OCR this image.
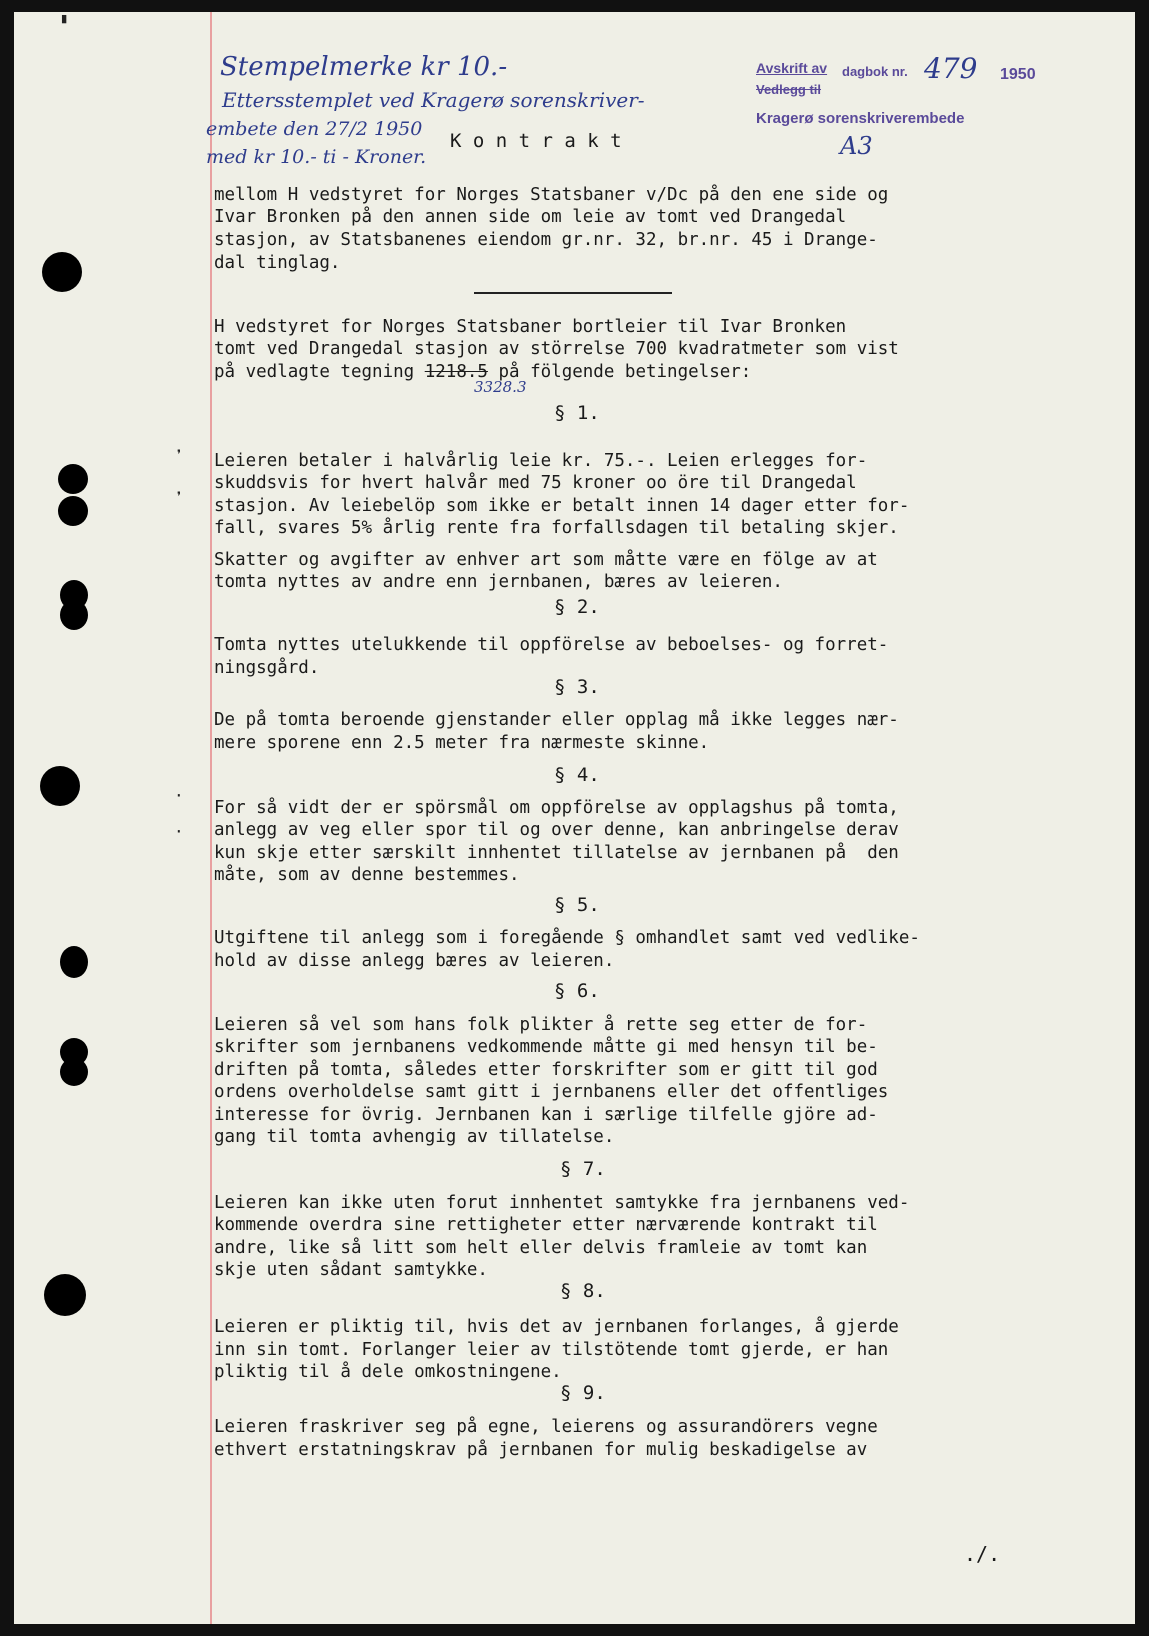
❜
❜
·
·
▘
Stempelmerke kr 10.-
Ettersstemplet ved Kragerø sorenskriver-
embete den 27/2 1950
med kr 10.- ti - Kroner.
Avskrift av dagbok nr. 479 1950
Vedlegg til
Kragerø sorenskriverembede
A3
K o n t r a k t
mellom H vedstyret for Norges Statsbaner v/Dc på den ene side og
Ivar Bronken på den annen side om leie av tomt ved Drangedal
stasjon, av Statsbanenes eiendom gr.nr. 32, br.nr. 45 i Drange-
dal tinglag.
H vedstyret for Norges Statsbaner bortleier til Ivar Bronken
tomt ved Drangedal stasjon av störrelse 700 kvadratmeter som vist
på vedlagte tegning 1218.5 på fölgende betingelser:
3328.3
§ 1.
Leieren betaler i halvårlig leie kr. 75.-. Leien erlegges for-
skuddsvis for hvert halvår med 75 kroner oo öre til Drangedal
stasjon. Av leiebelöp som ikke er betalt innen 14 dager etter for-
fall, svares 5% årlig rente fra forfallsdagen til betaling skjer.
Skatter og avgifter av enhver art som måtte være en fölge av at
tomta nyttes av andre enn jernbanen, bæres av leieren.
§ 2.
Tomta nyttes utelukkende til oppförelse av beboelses- og forret-
ningsgård.
§ 3.
De på tomta beroende gjenstander eller opplag må ikke legges nær-
mere sporene enn 2.5 meter fra nærmeste skinne.
§ 4.
For så vidt der er spörsmål om oppförelse av opplagshus på tomta,
anlegg av veg eller spor til og over denne, kan anbringelse derav
kun skje etter særskilt innhentet tillatelse av jernbanen på  den
måte, som av denne bestemmes.
§ 5.
Utgiftene til anlegg som i foregående § omhandlet samt ved vedlike-
hold av disse anlegg bæres av leieren.
§ 6.
Leieren så vel som hans folk plikter å rette seg etter de for-
skrifter som jernbanens vedkommende måtte gi med hensyn til be-
driften på tomta, således etter forskrifter som er gitt til god
ordens overholdelse samt gitt i jernbanens eller det offentliges
interesse for övrig. Jernbanen kan i særlige tilfelle gjöre ad-
gang til tomta avhengig av tillatelse.
§ 7.
Leieren kan ikke uten forut innhentet samtykke fra jernbanens ved-
kommende overdra sine rettigheter etter nærværende kontrakt til
andre, like så litt som helt eller delvis framleie av tomt kan
skje uten sådant samtykke.
§ 8.
Leieren er pliktig til, hvis det av jernbanen forlanges, å gjerde
inn sin tomt. Forlanger leier av tilstötende tomt gjerde, er han
pliktig til å dele omkostningene.
§ 9.
Leieren fraskriver seg på egne, leierens og assurandörers vegne
ethvert erstatningskrav på jernbanen for mulig beskadigelse av
./.
